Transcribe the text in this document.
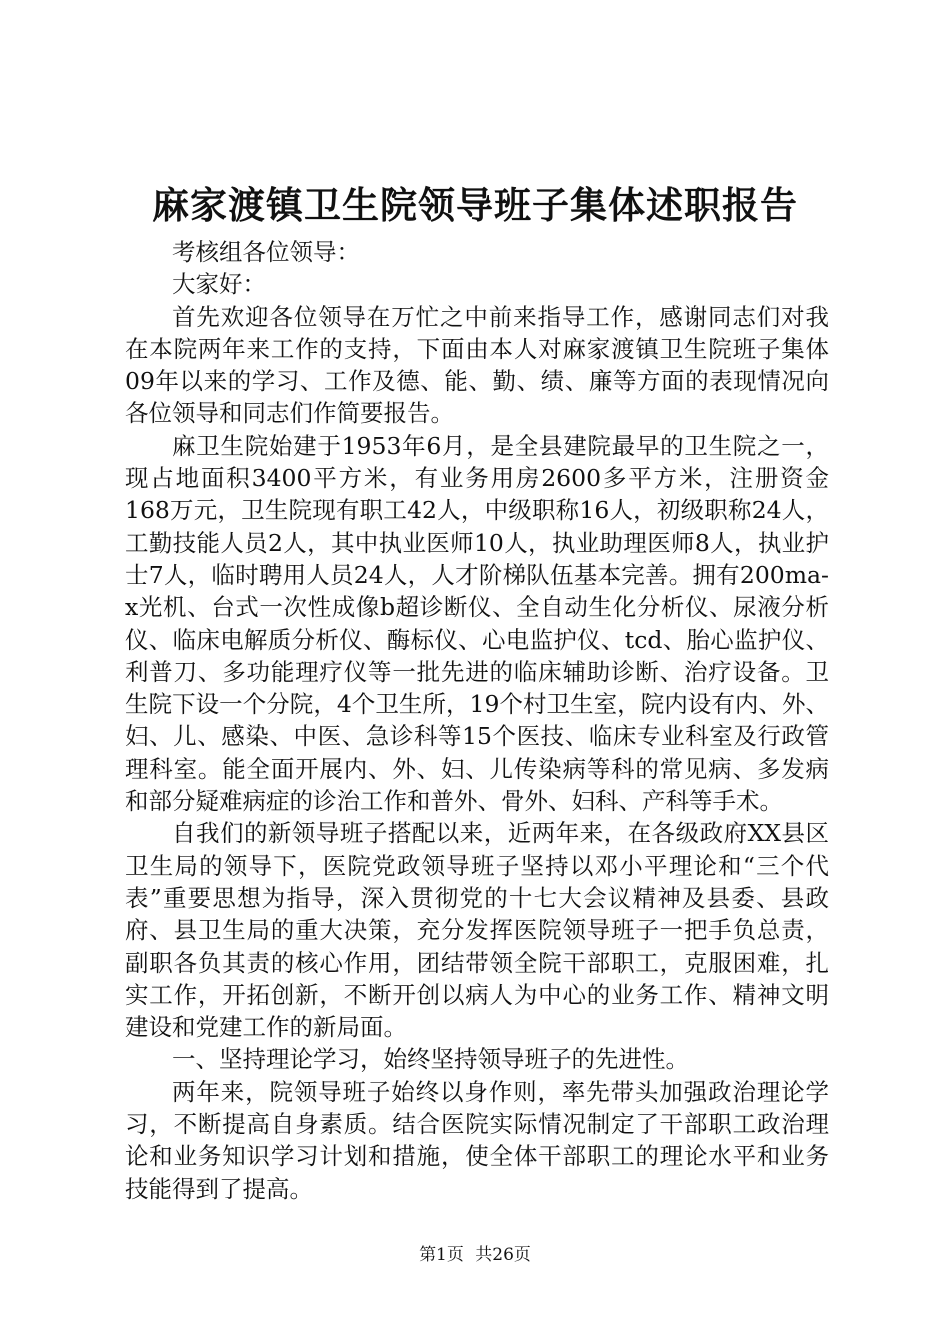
麻家渡镇卫生院领导班子集体述职报告

考核组各位领导：

大家好：

首先欢迎各位领导在万忙之中前来指导工作，感谢同志们对我在本院两年来工作的支持，下面由本人对麻家渡镇卫生院班子集体09年以来的学习、工作及德、能、勤、绩、廉等方面的表现情况向各位领导和同志们作简要报告。

麻卫生院始建于1953年6月，是全县建院最早的卫生院之一，现占地面积3400平方米，有业务用房2600多平方米，注册资金168万元，卫生院现有职工42人，中级职称16人，初级职称24人，工勤技能人员2人，其中执业医师10人，执业助理医师8人，执业护士7人，临时聘用人员24人，人才阶梯队伍基本完善。拥有200ma-x光机、台式一次性成像b超诊断仪、全自动生化分析仪、尿液分析仪、临床电解质分析仪、酶标仪、心电监护仪、tcd、胎心监护仪、利普刀、多功能理疗仪等一批先进的临床辅助诊断、治疗设备。卫生院下设一个分院，4个卫生所，19个村卫生室，院内设有内、外、妇、儿、感染、中医、急诊科等15个医技、临床专业科室及行政管理科室。能全面开展内、外、妇、儿传染病等科的常见病、多发病和部分疑难病症的诊治工作和普外、骨外、妇科、产科等手术。

自我们的新领导班子搭配以来，近两年来，在各级政府XX县区卫生局的领导下，医院党政领导班子坚持以邓小平理论和“三个代表”重要思想为指导，深入贯彻党的十七大会议精神及县委、县政府、县卫生局的重大决策，充分发挥医院领导班子一把手负总责，副职各负其责的核心作用，团结带领全院干部职工，克服困难，扎实工作，开拓创新，不断开创以病人为中心的业务工作、精神文明建设和党建工作的新局面。

一、坚持理论学习，始终坚持领导班子的先进性。

两年来，院领导班子始终以身作则，率先带头加强政治理论学习，不断提高自身素质。结合医院实际情况制定了干部职工政治理论和业务知识学习计划和措施，使全体干部职工的理论水平和业务技能得到了提高。

第1页 共26页
